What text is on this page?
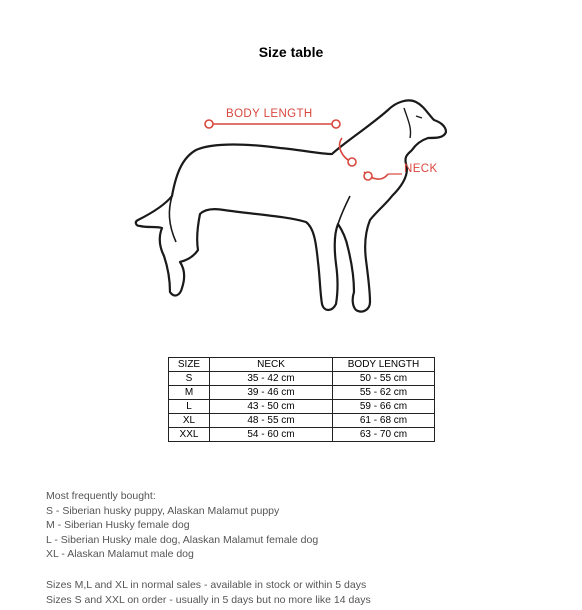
Size table
BODY LENGTH
NECK
SIZE	NECK	BODY LENGTH
S	35 - 42 cm	50 - 55 cm
M	39 - 46 cm	55 - 62 cm
L	43 - 50 cm	59 - 66 cm
XL	48 - 55 cm	61 - 68 cm
XXL	54 - 60 cm	63 - 70 cm
Most frequently bought:
S - Siberian husky puppy, Alaskan Malamut puppy
M - Siberian Husky female dog
L - Siberian Husky male dog, Alaskan Malamut female dog
XL - Alaskan Malamut male dog
Sizes M,L and XL in normal sales - available in stock or within 5 days
Sizes S and XXL on order - usually in 5 days but no more like 14 days
